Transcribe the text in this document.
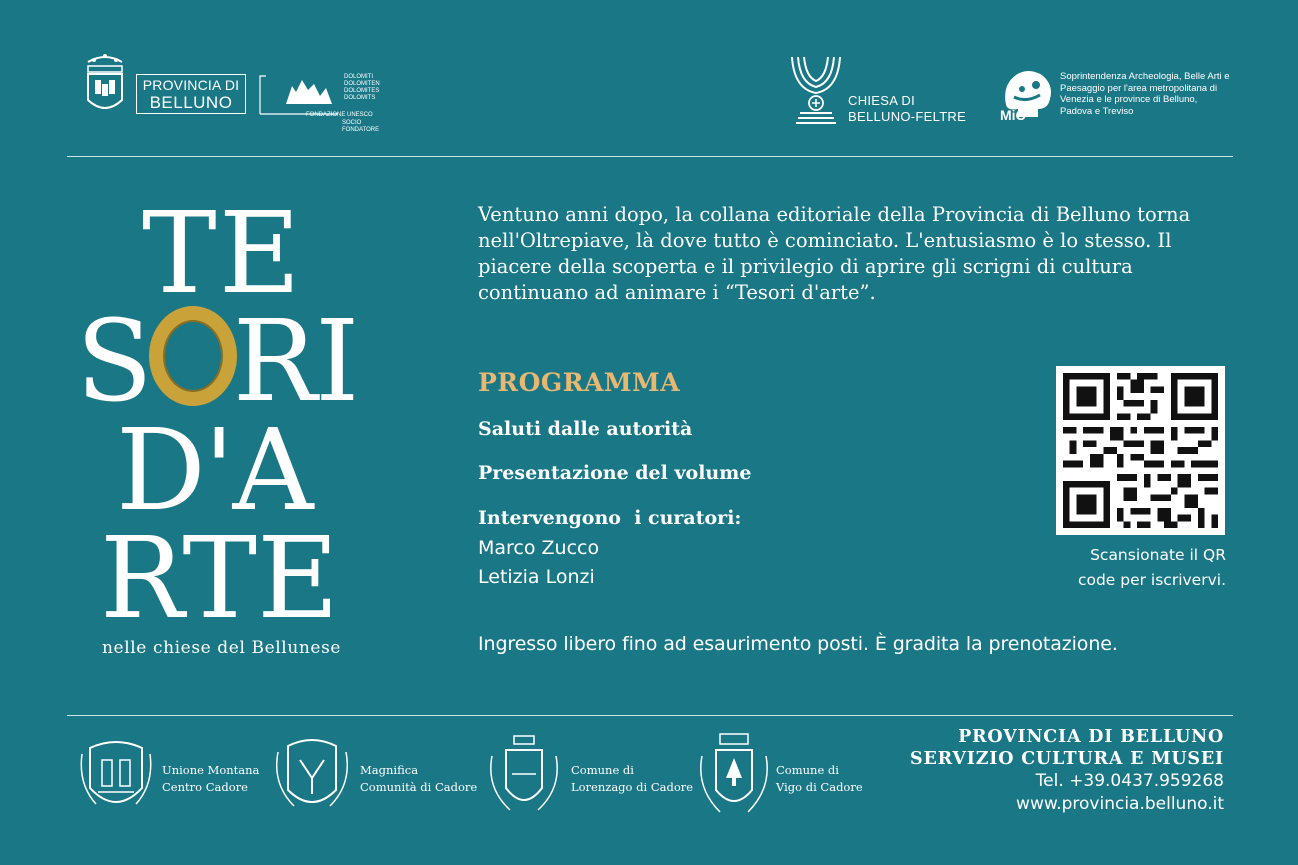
PROVINCIA DI
BELLUNO
DOLOMITI
DOLOMITEN
DOLOMITES
DOLOMITS
FONDAZIONE UNESCO
SOCIO FONDATORE
CHIESA DI
BELLUNO-FELTRE MiC
Soprintendenza Archeologia, Belle Arti e Paesaggio per l'area metropolitana di Venezia e le province di Belluno, Padova e Treviso
TE
S RI
D'A
RTE
nelle chiese del Bellunese
Ventuno anni dopo, la collana editoriale della Provincia di Belluno torna nell'Oltrepiave, là dove tutto è cominciato. L'entusiasmo è lo stesso. Il piacere della scoperta e il privilegio di aprire gli scrigni di cultura continuano ad animare i “Tesori d'arte”.
PROGRAMMA
Saluti dalle autorità
Presentazione del volume
Intervengono  i curatori:
Marco Zucco
Letizia Lonzi
Scansionate il QR
code per iscrivervi.
Ingresso libero fino ad esaurimento posti. È gradita la prenotazione.
Unione Montana
Centro Cadore
Magnifica
Comunità di Cadore
Comune di
Lorenzago di Cadore
Comune di
Vigo di Cadore
PROVINCIA DI BELLUNO
SERVIZIO CULTURA E MUSEI
Tel. +39.0437.959268
www.provincia.belluno.it
